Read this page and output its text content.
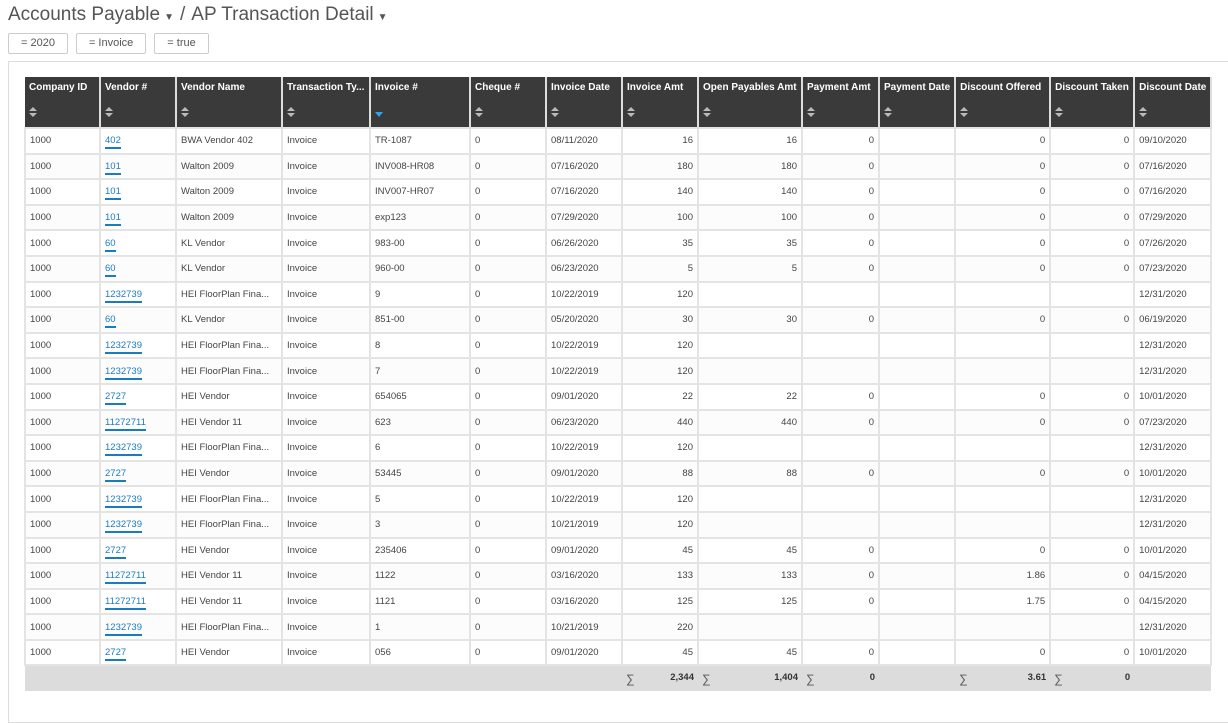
Accounts Payable ▼ / AP Transaction Detail ▼
= 2020	= Invoice	= true
Company ID	Vendor #	Vendor Name	Transaction Ty...	Invoice #	Cheque #	Invoice Date	Invoice Amt	Open Payables Amt	Payment Amt	Payment Date	Discount Offered	Discount Taken	Discount Date

1000	402	BWA Vendor 402	Invoice	TR-1087	0	08/11/2020	16	16	0		0	0	09/10/2020
1000	101	Walton 2009	Invoice	INV008-HR08	0	07/16/2020	180	180	0		0	0	07/16/2020
1000	101	Walton 2009	Invoice	INV007-HR07	0	07/16/2020	140	140	0		0	0	07/16/2020
1000	101	Walton 2009	Invoice	exp123	0	07/29/2020	100	100	0		0	0	07/29/2020
1000	60	KL Vendor	Invoice	983-00	0	06/26/2020	35	35	0		0	0	07/26/2020
1000	60	KL Vendor	Invoice	960-00	0	06/23/2020	5	5	0		0	0	07/23/2020
1000	1232739	HEI FloorPlan Fina...	Invoice	9	0	10/22/2019	120						12/31/2020
1000	60	KL Vendor	Invoice	851-00	0	05/20/2020	30	30	0		0	0	06/19/2020
1000	1232739	HEI FloorPlan Fina...	Invoice	8	0	10/22/2019	120						12/31/2020
1000	1232739	HEI FloorPlan Fina...	Invoice	7	0	10/22/2019	120						12/31/2020
1000	2727	HEI Vendor	Invoice	654065	0	09/01/2020	22	22	0		0	0	10/01/2020
1000	11272711	HEI Vendor 11	Invoice	623	0	06/23/2020	440	440	0		0	0	07/23/2020
1000	1232739	HEI FloorPlan Fina...	Invoice	6	0	10/22/2019	120						12/31/2020
1000	2727	HEI Vendor	Invoice	53445	0	09/01/2020	88	88	0		0	0	10/01/2020
1000	1232739	HEI FloorPlan Fina...	Invoice	5	0	10/22/2019	120						12/31/2020
1000	1232739	HEI FloorPlan Fina...	Invoice	3	0	10/21/2019	120						12/31/2020
1000	2727	HEI Vendor	Invoice	235406	0	09/01/2020	45	45	0		0	0	10/01/2020
1000	11272711	HEI Vendor 11	Invoice	1122	0	03/16/2020	133	133	0		1.86	0	04/15/2020
1000	11272711	HEI Vendor 11	Invoice	1121	0	03/16/2020	125	125	0		1.75	0	04/15/2020
1000	1232739	HEI FloorPlan Fina...	Invoice	1	0	10/21/2019	220						12/31/2020
1000	2727	HEI Vendor	Invoice	056	0	09/01/2020	45	45	0		0	0	10/01/2020

							∑ 2,344	∑ 1,404	∑ 0		∑ 3.61	∑ 0	
